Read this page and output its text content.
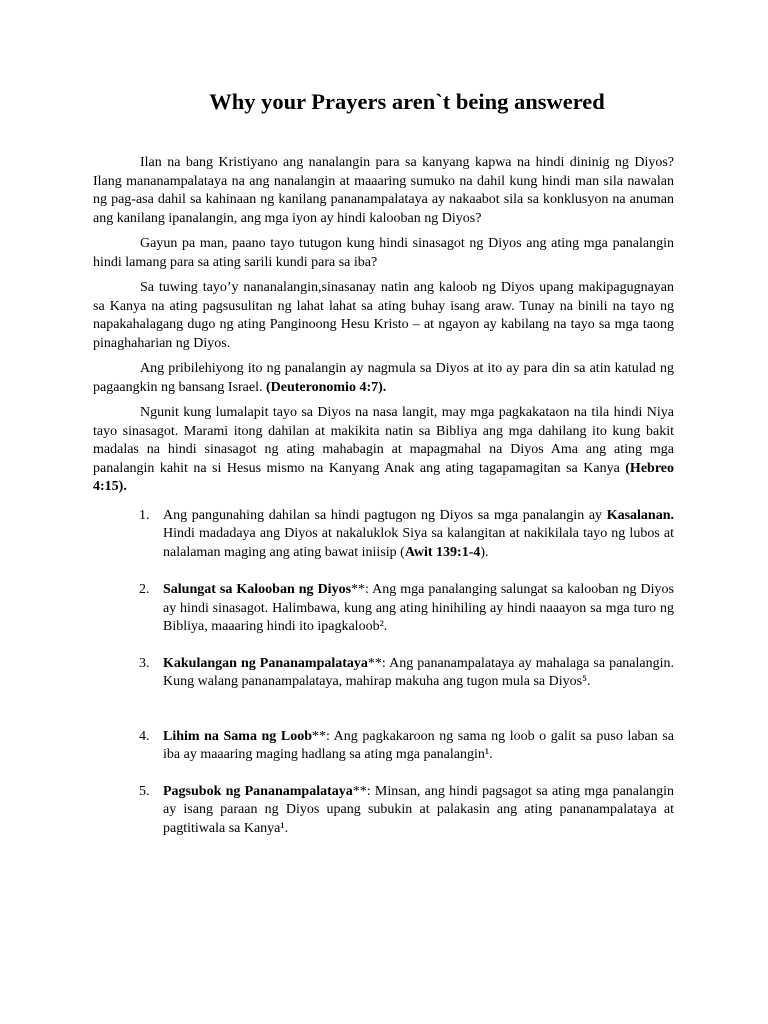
Why your Prayers aren`t being answered

Ilan na bang Kristiyano ang nanalangin para sa kanyang kapwa na hindi dininig ng Diyos? Ilang mananampalataya na ang nanalangin at maaaring sumuko na dahil kung hindi man sila nawalan ng pag-asa dahil sa kahinaan ng kanilang pananampalataya ay nakaabot sila sa konklusyon na anuman ang kanilang ipanalangin, ang mga iyon ay hindi kalooban ng Diyos?

Gayun pa man, paano tayo tutugon kung hindi sinasagot ng Diyos ang ating mga panalangin hindi lamang para sa ating sarili kundi para sa iba?

Sa tuwing tayo’y nananalangin,sinasanay natin ang kaloob ng Diyos upang makipagugnayan sa Kanya na ating pagsusulitan ng lahat lahat sa ating buhay isang araw. Tunay na binili na tayo ng napakahalagang dugo ng ating Panginoong Hesu Kristo – at ngayon ay kabilang na tayo sa mga taong pinaghaharian ng Diyos.

Ang pribilehiyong ito ng panalangin ay nagmula sa Diyos at ito ay para din sa atin katulad ng pagaangkin ng bansang Israel. (Deuteronomio 4:7).

Ngunit kung lumalapit tayo sa Diyos na nasa langit, may mga pagkakataon na tila hindi Niya tayo sinasagot. Marami itong dahilan at makikita natin sa Bibliya ang mga dahilang ito kung bakit madalas na hindi sinasagot ng ating mahabagin at mapagmahal na Diyos Ama ang ating mga panalangin kahit na si Hesus mismo na Kanyang Anak ang ating tagapamagitan sa Kanya (Hebreo 4:15).

1. Ang pangunahing dahilan sa hindi pagtugon ng Diyos sa mga panalangin ay Kasalanan. Hindi madadaya ang Diyos at nakaluklok Siya sa kalangitan at nakikilala tayo ng lubos at nalalaman maging ang ating bawat iniisip (Awit 139:1-4).
2. Salungat sa Kalooban ng Diyos**: Ang mga panalanging salungat sa kalooban ng Diyos ay hindi sinasagot. Halimbawa, kung ang ating hinihiling ay hindi naaayon sa mga turo ng Bibliya, maaaring hindi ito ipagkaloob².
3. Kakulangan ng Pananampalataya**: Ang pananampalataya ay mahalaga sa panalangin. Kung walang pananampalataya, mahirap makuha ang tugon mula sa Diyos⁵.
4. Lihim na Sama ng Loob**: Ang pagkakaroon ng sama ng loob o galit sa puso laban sa iba ay maaaring maging hadlang sa ating mga panalangin¹.
5. Pagsubok ng Pananampalataya**: Minsan, ang hindi pagsagot sa ating mga panalangin ay isang paraan ng Diyos upang subukin at palakasin ang ating pananampalataya at pagtitiwala sa Kanya¹.
